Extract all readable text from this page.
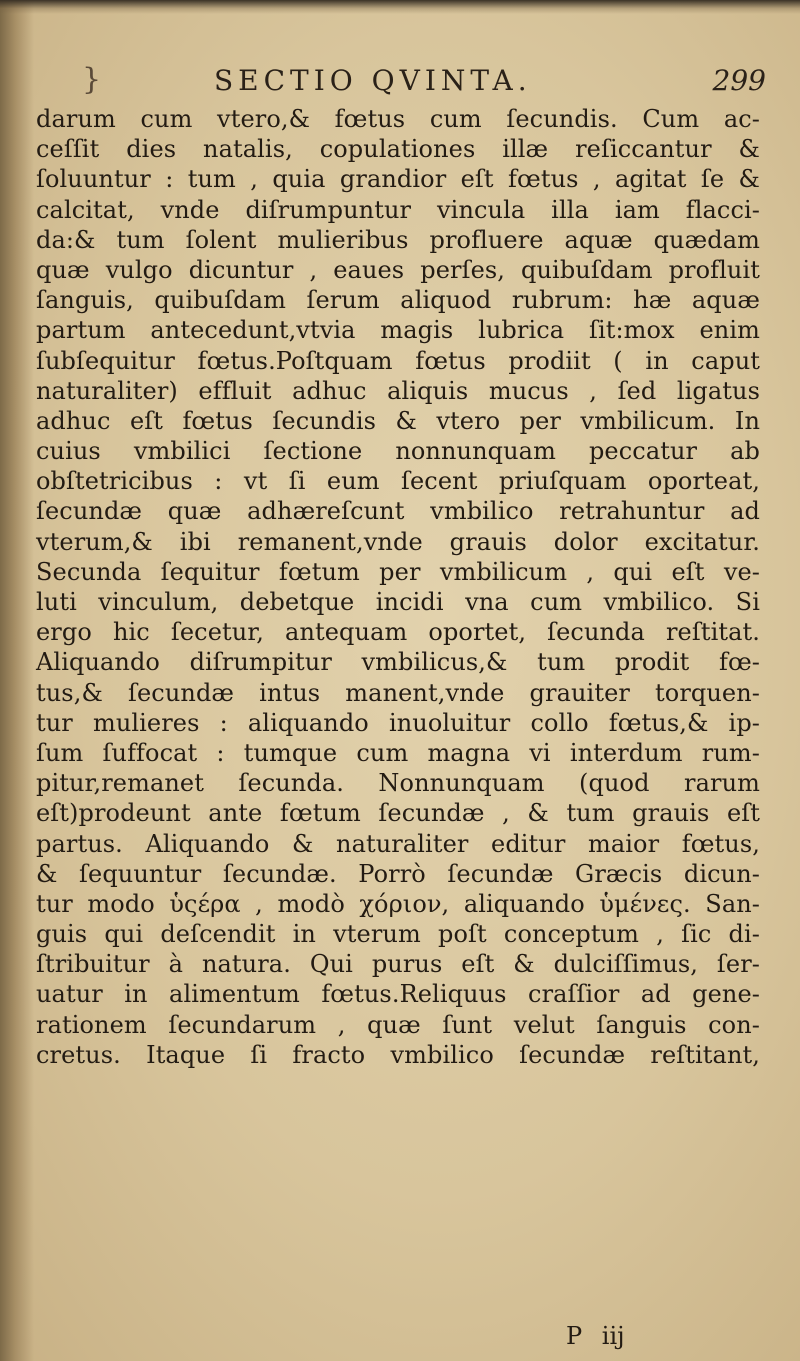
}	SECTIO QVINTA.	299
darum cum vtero,& fœtus cum ſecundis. Cum ac-
ceſſit dies natalis, copulationes illæ reſiccantur &
ſoluuntur : tum , quia grandior eſt fœtus , agitat ſe &
calcitat, vnde diſrumpuntur vincula illa iam flacci-
da:& tum ſolent mulieribus profluere aquæ quædam
quæ vulgo dicuntur , eaues perſes, quibuſdam profluit
ſanguis, quibuſdam ſerum aliquod rubrum: hæ aquæ
partum antecedunt,vtvia magis lubrica ſit:mox enim
ſubſequitur fœtus.Poſtquam fœtus prodiit ( in caput
naturaliter) effluit adhuc aliquis mucus , ſed ligatus
adhuc eſt fœtus ſecundis & vtero per vmbilicum. In
cuius vmbilici ſectione nonnunquam peccatur ab
obſtetricibus : vt ſi eum ſecent priuſquam oporteat,
ſecundæ quæ adhæreſcunt vmbilico retrahuntur ad
vterum,& ibi remanent,vnde grauis dolor excitatur.
Secunda ſequitur fœtum per vmbilicum , qui eſt ve-
luti vinculum, debetque incidi vna cum vmbilico. Si
ergo hic ſecetur, antequam oportet, ſecunda reſtitat.
Aliquando diſrumpitur vmbilicus,& tum prodit fœ-
tus,& ſecundæ intus manent,vnde grauiter torquen-
tur mulieres : aliquando inuoluitur collo fœtus,& ip-
ſum ſuffocat : tumque cum magna vi interdum rum-
pitur,remanet ſecunda. Nonnunquam (quod rarum
eſt)prodeunt ante fœtum ſecundæ , & tum grauis eſt
partus. Aliquando & naturaliter editur maior fœtus,
& ſequuntur ſecundæ. Porrò ſecundæ Græcis dicun-
tur modo ὑςέρα , modò χόριον, aliquando ὑμένες. San-
guis qui deſcendit in vterum poſt conceptum , ſic di-
ſtribuitur à natura. Qui purus eſt & dulciſſimus, ſer-
uatur in alimentum fœtus.Reliquus craſſior ad gene-
rationem ſecundarum , quæ ſunt velut ſanguis con-
cretus. Itaque ſi fracto vmbilico ſecundæ reſtitant,
P iij
